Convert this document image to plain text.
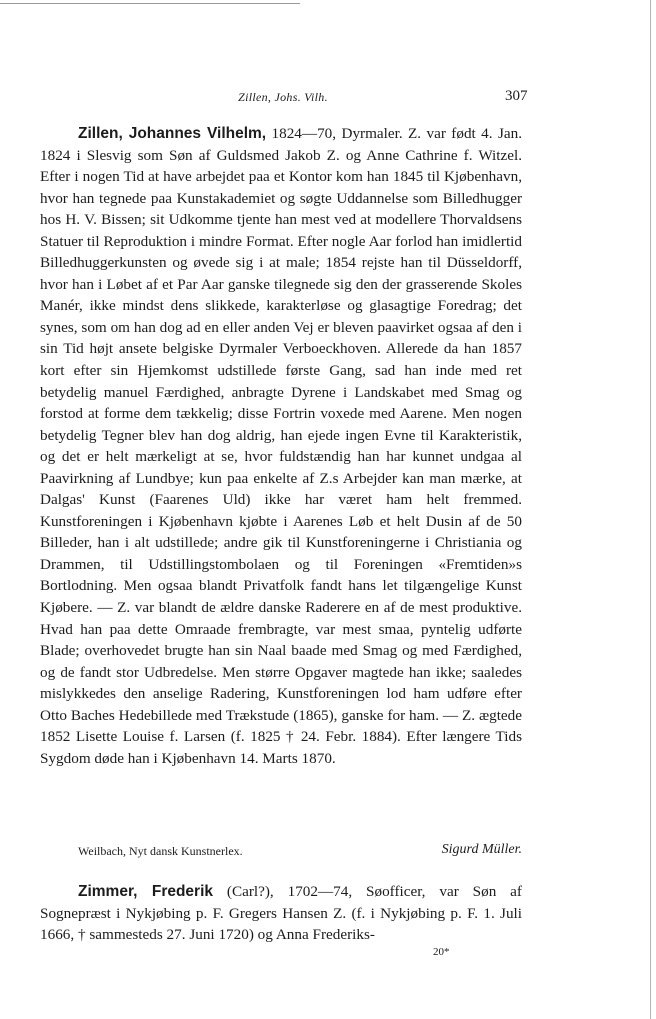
Zillen, Johs. Vilh.	307

Zillen, Johannes Vilhelm, 1824—70, Dyrmaler. Z. var født 4. Jan. 1824 i Slesvig som Søn af Guldsmed Jakob Z. og Anne Cathrine f. Witzel. Efter i nogen Tid at have arbejdet paa et Kontor kom han 1845 til Kjøbenhavn, hvor han tegnede paa Kunstakademiet og søgte Uddannelse som Billedhugger hos H. V. Bissen; sit Udkomme tjente han mest ved at modellere Thorvaldsens Statuer til Reproduktion i mindre Format. Efter nogle Aar forlod han imidlertid Billedhuggerkunsten og øvede sig i at male; 1854 rejste han til Düsseldorff, hvor han i Løbet af et Par Aar ganske tilegnede sig den der grasserende Skoles Manér, ikke mindst dens slikkede, karakterløse og glasagtige Foredrag; det synes, som om han dog ad en eller anden Vej er bleven paavirket ogsaa af den i sin Tid højt ansete belgiske Dyrmaler Verboeckhoven. Allerede da han 1857 kort efter sin Hjemkomst udstillede første Gang, sad han inde med ret betydelig manuel Færdighed, anbragte Dyrene i Landskabet med Smag og forstod at forme dem tækkelig; disse Fortrin voxede med Aarene. Men nogen betydelig Tegner blev han dog aldrig, han ejede ingen Evne til Karakteristik, og det er helt mærkeligt at se, hvor fuldstændig han har kunnet undgaa al Paavirkning af Lundbye; kun paa enkelte af Z.s Arbejder kan man mærke, at Dalgas' Kunst (Faarenes Uld) ikke har været ham helt fremmed. Kunstforeningen i Kjøbenhavn kjøbte i Aarenes Løb et helt Dusin af de 50 Billeder, han i alt udstillede; andre gik til Kunstforeningerne i Christiania og Drammen, til Udstillingstombolaen og til Foreningen «Fremtiden»s Bortlodning. Men ogsaa blandt Privatfolk fandt hans let tilgængelige Kunst Kjøbere. — Z. var blandt de ældre danske Raderere en af de mest produktive. Hvad han paa dette Omraade frembragte, var mest smaa, pyntelig udførte Blade; overhovedet brugte han sin Naal baade med Smag og med Færdighed, og de fandt stor Udbredelse. Men større Opgaver magtede han ikke; saaledes mislykkedes den anselige Radering, Kunstforeningen lod ham udføre efter Otto Baches Hedebillede med Trækstude (1865), ganske for ham. — Z. ægtede 1852 Lisette Louise f. Larsen (f. 1825 † 24. Febr. 1884). Efter længere Tids Sygdom døde han i Kjøbenhavn 14. Marts 1870.

Weilbach, Nyt dansk Kunstnerlex.	Sigurd Müller.

Zimmer, Frederik (Carl?), 1702—74, Søofficer, var Søn af Sognepræst i Nykjøbing p. F. Gregers Hansen Z. (f. i Nykjøbing p. F. 1. Juli 1666, † sammesteds 27. Juni 1720) og Anna Frederiks-

20*
